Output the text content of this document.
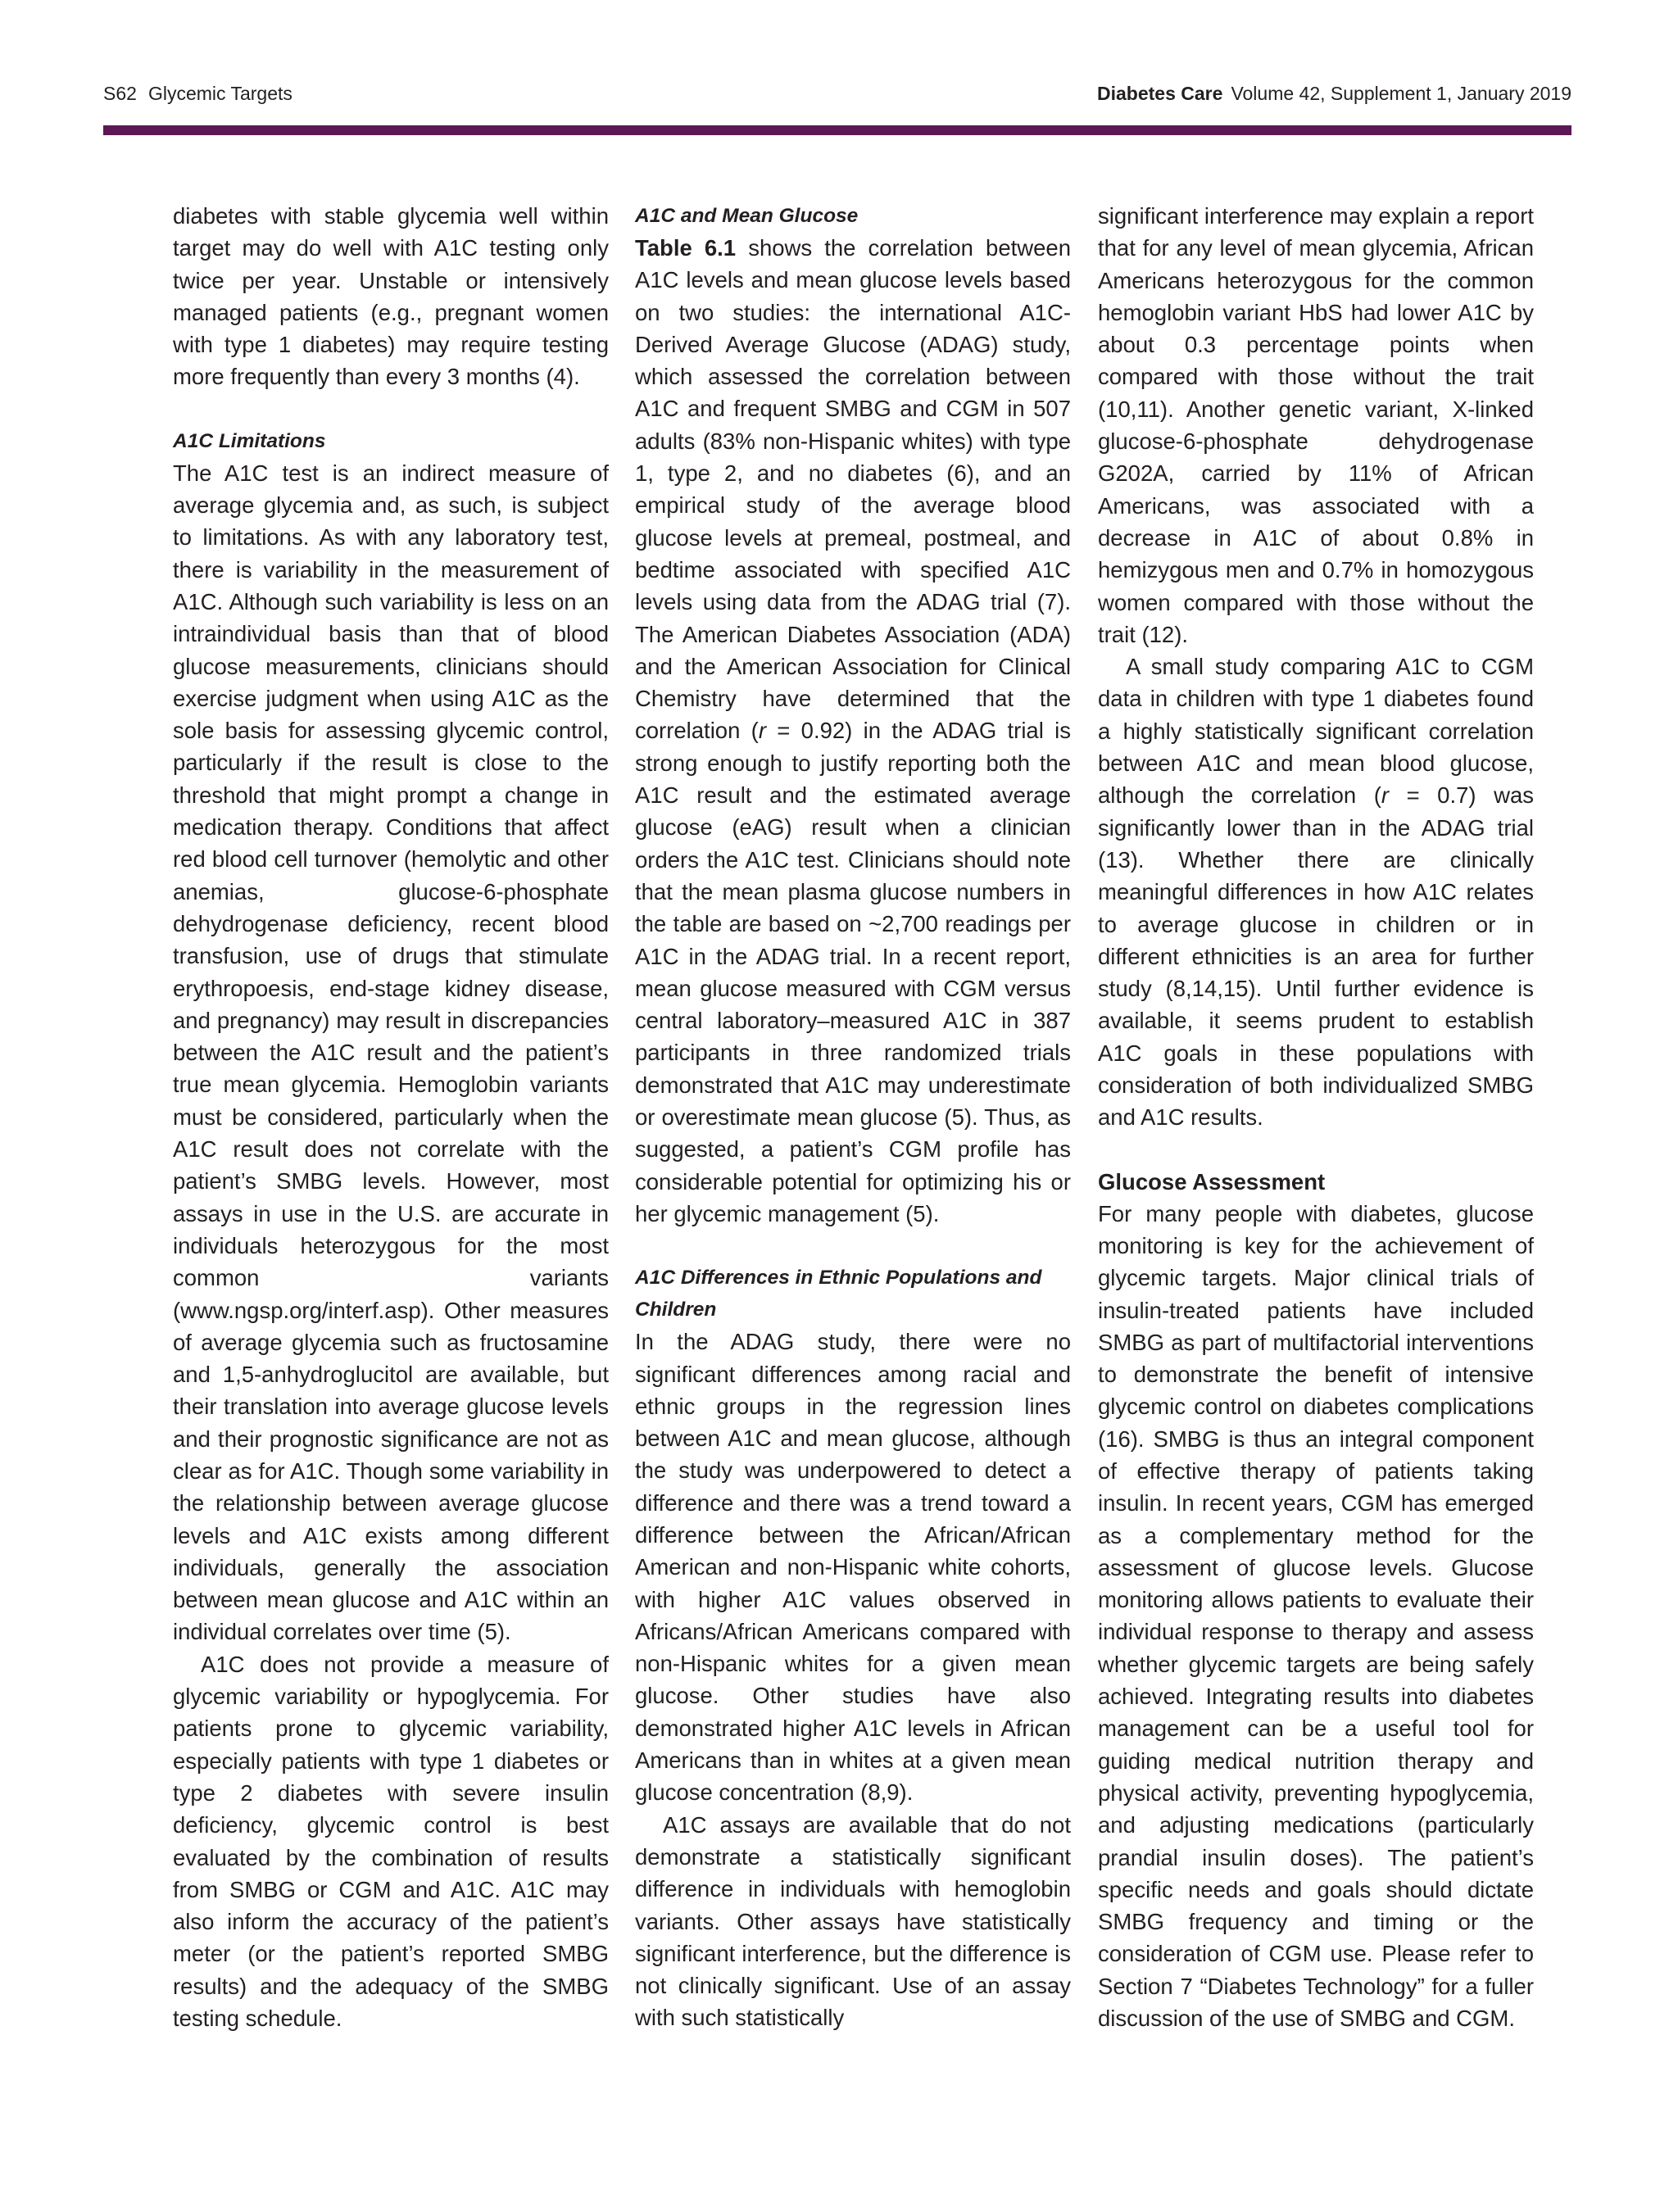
S62 Glycemic Targets	Diabetes Care Volume 42, Supplement 1, January 2019

diabetes with stable glycemia well within target may do well with A1C testing only twice per year. Unstable or intensively managed patients (e.g., pregnant women with type 1 diabetes) may require testing more frequently than every 3 months (4).

A1C Limitations

The A1C test is an indirect measure of average glycemia and, as such, is subject to limitations. As with any laboratory test, there is variability in the measurement of A1C. Although such variability is less on an intraindividual basis than that of blood glucose measurements, clinicians should exercise judgment when using A1C as the sole basis for assessing glycemic control, particularly if the result is close to the threshold that might prompt a change in medication therapy. Conditions that affect red blood cell turnover (hemolytic and other anemias, glucose-6-phosphate dehydrogenase deficiency, recent blood transfusion, use of drugs that stimulate erythropoesis, end-stage kidney disease, and pregnancy) may result in discrepancies between the A1C result and the patient’s true mean glycemia. Hemoglobin variants must be considered, particularly when the A1C result does not correlate with the patient’s SMBG levels. However, most assays in use in the U.S. are accurate in individuals heterozygous for the most common variants (www.ngsp.org/interf.asp). Other measures of average glycemia such as fructosamine and 1,5-anhydroglucitol are available, but their translation into average glucose levels and their prognostic significance are not as clear as for A1C. Though some variability in the relationship between average glucose levels and A1C exists among different individuals, generally the association between mean glucose and A1C within an individual correlates over time (5).

A1C does not provide a measure of glycemic variability or hypoglycemia. For patients prone to glycemic variability, especially patients with type 1 diabetes or type 2 diabetes with severe insulin deficiency, glycemic control is best evaluated by the combination of results from SMBG or CGM and A1C. A1C may also inform the accuracy of the patient’s meter (or the patient’s reported SMBG results) and the adequacy of the SMBG testing schedule.

A1C and Mean Glucose

Table 6.1 shows the correlation between A1C levels and mean glucose levels based on two studies: the international A1C-Derived Average Glucose (ADAG) study, which assessed the correlation between A1C and frequent SMBG and CGM in 507 adults (83% non-Hispanic whites) with type 1, type 2, and no diabetes (6), and an empirical study of the average blood glucose levels at premeal, postmeal, and bedtime associated with specified A1C levels using data from the ADAG trial (7). The American Diabetes Association (ADA) and the American Association for Clinical Chemistry have determined that the correlation (r = 0.92) in the ADAG trial is strong enough to justify reporting both the A1C result and the estimated average glucose (eAG) result when a clinician orders the A1C test. Clinicians should note that the mean plasma glucose numbers in the table are based on ~2,700 readings per A1C in the ADAG trial. In a recent report, mean glucose measured with CGM versus central laboratory–measured A1C in 387 participants in three randomized trials demonstrated that A1C may underestimate or overestimate mean glucose (5). Thus, as suggested, a patient’s CGM profile has considerable potential for optimizing his or her glycemic management (5).

A1C Differences in Ethnic Populations and Children

In the ADAG study, there were no significant differences among racial and ethnic groups in the regression lines between A1C and mean glucose, although the study was underpowered to detect a difference and there was a trend toward a difference between the African/African American and non-Hispanic white cohorts, with higher A1C values observed in Africans/African Americans compared with non-Hispanic whites for a given mean glucose. Other studies have also demonstrated higher A1C levels in African Americans than in whites at a given mean glucose concentration (8,9).

A1C assays are available that do not demonstrate a statistically significant difference in individuals with hemoglobin variants. Other assays have statistically significant interference, but the difference is not clinically significant. Use of an assay with such statistically

significant interference may explain a report that for any level of mean glycemia, African Americans heterozygous for the common hemoglobin variant HbS had lower A1C by about 0.3 percentage points when compared with those without the trait (10,11). Another genetic variant, X-linked glucose-6-phosphate dehydrogenase G202A, carried by 11% of African Americans, was associated with a decrease in A1C of about 0.8% in hemizygous men and 0.7% in homozygous women compared with those without the trait (12).

A small study comparing A1C to CGM data in children with type 1 diabetes found a highly statistically significant correlation between A1C and mean blood glucose, although the correlation (r = 0.7) was significantly lower than in the ADAG trial (13). Whether there are clinically meaningful differences in how A1C relates to average glucose in children or in different ethnicities is an area for further study (8,14,15). Until further evidence is available, it seems prudent to establish A1C goals in these populations with consideration of both individualized SMBG and A1C results.

Glucose Assessment

For many people with diabetes, glucose monitoring is key for the achievement of glycemic targets. Major clinical trials of insulin-treated patients have included SMBG as part of multifactorial interventions to demonstrate the benefit of intensive glycemic control on diabetes complications (16). SMBG is thus an integral component of effective therapy of patients taking insulin. In recent years, CGM has emerged as a complementary method for the assessment of glucose levels. Glucose monitoring allows patients to evaluate their individual response to therapy and assess whether glycemic targets are being safely achieved. Integrating results into diabetes management can be a useful tool for guiding medical nutrition therapy and physical activity, preventing hypoglycemia, and adjusting medications (particularly prandial insulin doses). The patient’s specific needs and goals should dictate SMBG frequency and timing or the consideration of CGM use. Please refer to Section 7 “Diabetes Technology” for a fuller discussion of the use of SMBG and CGM.
